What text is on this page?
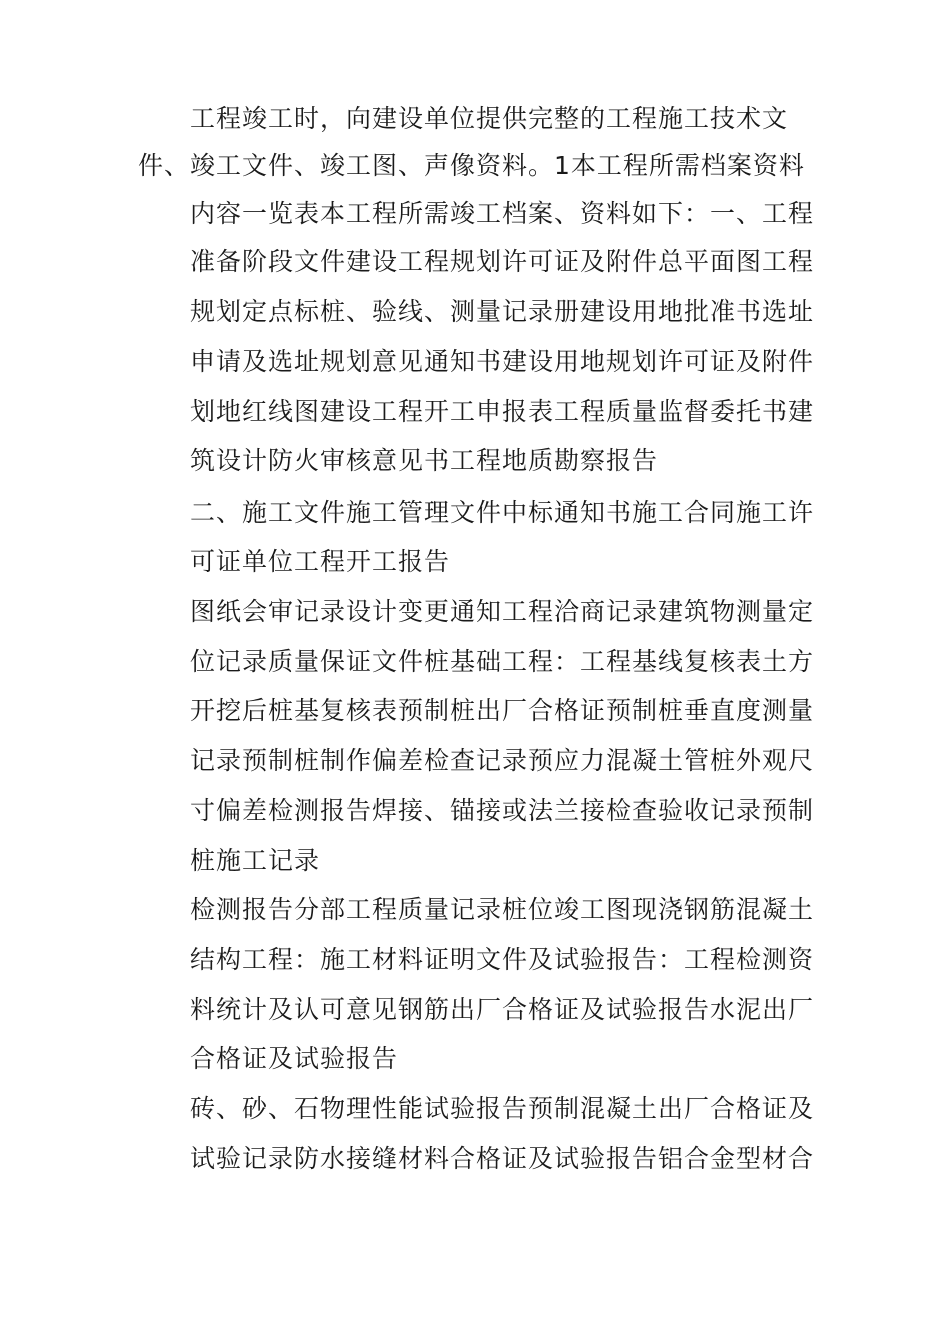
工程竣工时，向建设单位提供完整的工程施工技术文
件、竣工文件、竣工图、声像资料。1本工程所需档案资料
内容一览表本工程所需竣工档案、资料如下：一、工程
准备阶段文件建设工程规划许可证及附件总平面图工程
规划定点标桩、验线、测量记录册建设用地批准书选址
申请及选址规划意见通知书建设用地规划许可证及附件
划地红线图建设工程开工申报表工程质量监督委托书建
筑设计防火审核意见书工程地质勘察报告
二、施工文件施工管理文件中标通知书施工合同施工许
可证单位工程开工报告
图纸会审记录设计变更通知工程洽商记录建筑物测量定
位记录质量保证文件桩基础工程：工程基线复核表土方
开挖后桩基复核表预制桩出厂合格证预制桩垂直度测量
记录预制桩制作偏差检查记录预应力混凝土管桩外观尺
寸偏差检测报告焊接、锚接或法兰接检查验收记录预制
桩施工记录
检测报告分部工程质量记录桩位竣工图现浇钢筋混凝土
结构工程：施工材料证明文件及试验报告：工程检测资
料统计及认可意见钢筋出厂合格证及试验报告水泥出厂
合格证及试验报告
砖、砂、石物理性能试验报告预制混凝土出厂合格证及
试验记录防水接缝材料合格证及试验报告铝合金型材合
